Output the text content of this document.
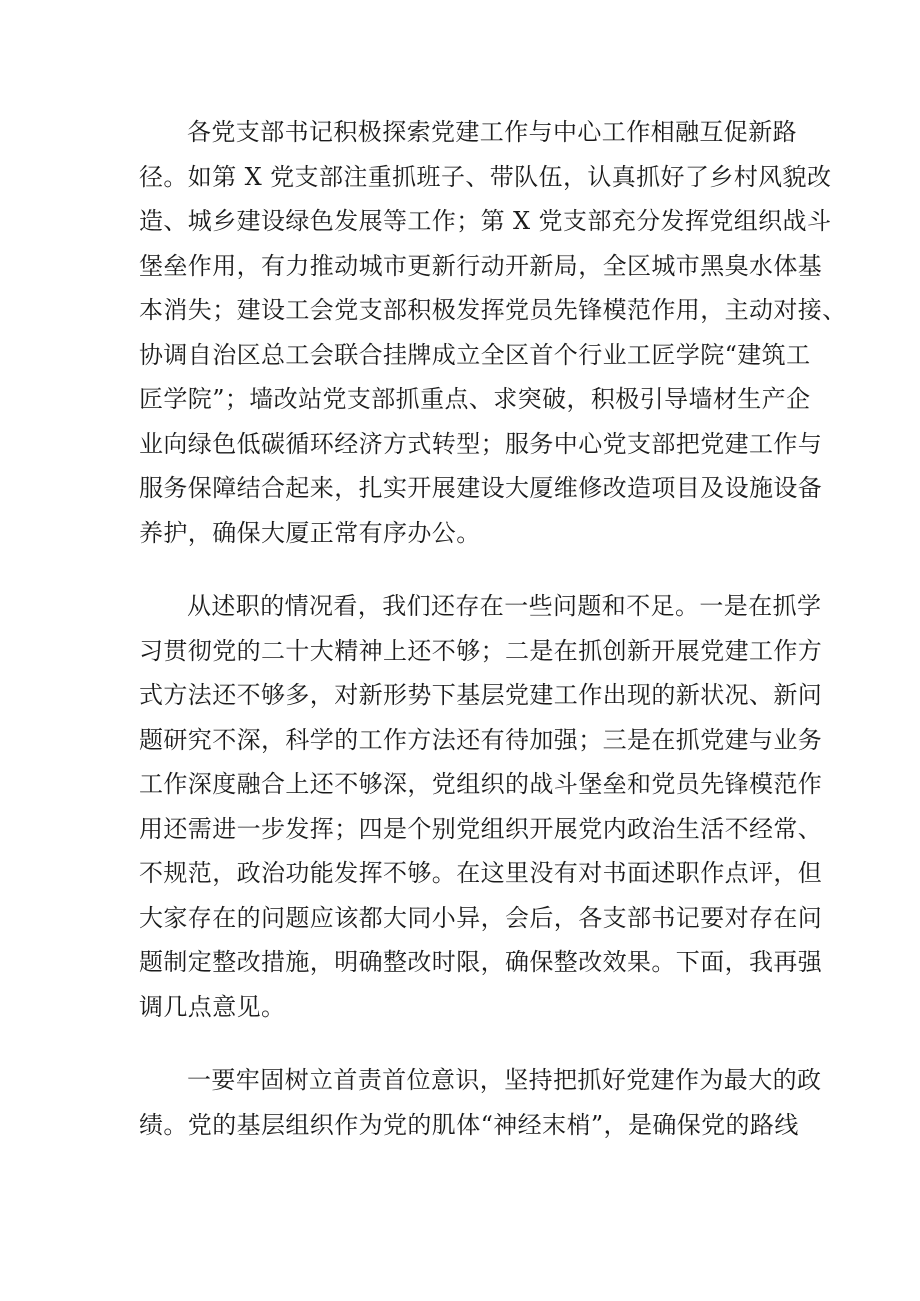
各党支部书记积极探索党建工作与中心工作相融互促新路
径。如第 X 党支部注重抓班子、带队伍，认真抓好了乡村风貌改
造、城乡建设绿色发展等工作；第 X 党支部充分发挥党组织战斗
堡垒作用，有力推动城市更新行动开新局，全区城市黑臭水体基
本消失；建设工会党支部积极发挥党员先锋模范作用，主动对接、
协调自治区总工会联合挂牌成立全区首个行业工匠学院“建筑工
匠学院”；墙改站党支部抓重点、求突破，积极引导墙材生产企
业向绿色低碳循环经济方式转型；服务中心党支部把党建工作与
服务保障结合起来，扎实开展建设大厦维修改造项目及设施设备
养护，确保大厦正常有序办公。

从述职的情况看，我们还存在一些问题和不足。一是在抓学
习贯彻党的二十大精神上还不够；二是在抓创新开展党建工作方
式方法还不够多，对新形势下基层党建工作出现的新状况、新问
题研究不深，科学的工作方法还有待加强；三是在抓党建与业务
工作深度融合上还不够深，党组织的战斗堡垒和党员先锋模范作
用还需进一步发挥；四是个别党组织开展党内政治生活不经常、
不规范，政治功能发挥不够。在这里没有对书面述职作点评，但
大家存在的问题应该都大同小异，会后，各支部书记要对存在问
题制定整改措施，明确整改时限，确保整改效果。下面，我再强
调几点意见。

一要牢固树立首责首位意识，坚持把抓好党建作为最大的政
绩。党的基层组织作为党的肌体“神经末梢”，是确保党的路线
